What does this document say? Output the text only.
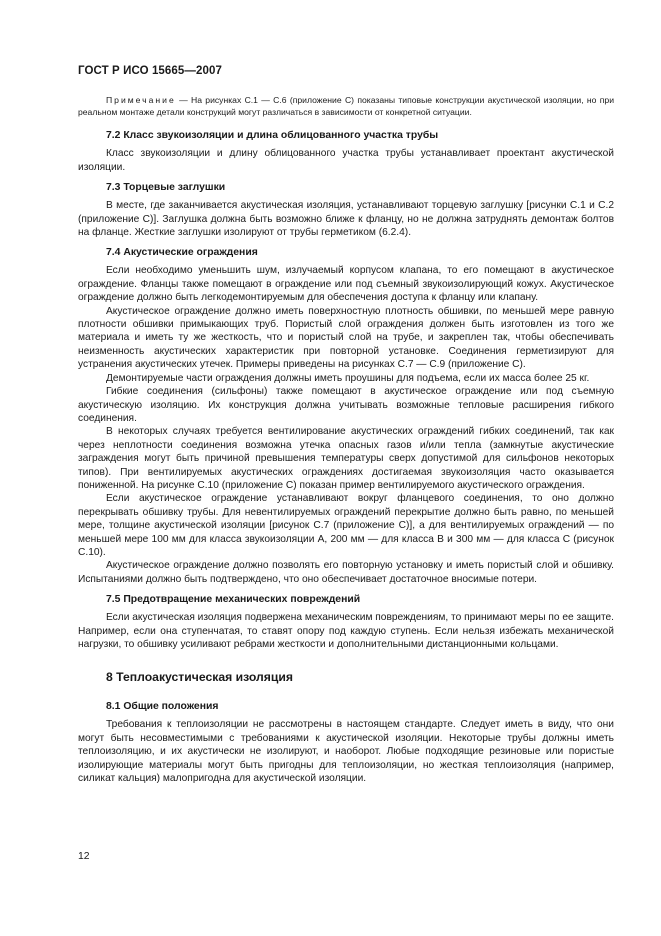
ГОСТ Р ИСО 15665—2007

Примечание — На рисунках С.1 — С.6 (приложение С) показаны типовые конструкции акустической изоляции, но при реальном монтаже детали конструкций могут различаться в зависимости от конкретной ситуации.

7.2 Класс звукоизоляции и длина облицованного участка трубы

Класс звукоизоляции и длину облицованного участка трубы устанавливает проектант акустической изоляции.

7.3 Торцевые заглушки

В месте, где заканчивается акустическая изоляция, устанавливают торцевую заглушку [рисунки С.1 и С.2 (приложение С)]. Заглушка должна быть возможно ближе к фланцу, но не должна затруднять демонтаж болтов на фланце. Жесткие заглушки изолируют от трубы герметиком (6.2.4).

7.4 Акустические ограждения

Если необходимо уменьшить шум, излучаемый корпусом клапана, то его помещают в акустическое ограждение. Фланцы также помещают в ограждение или под съемный звукоизолирующий кожух. Акустическое ограждение должно быть легкодемонтируемым для обеспечения доступа к фланцу или клапану.

Акустическое ограждение должно иметь поверхностную плотность обшивки, по меньшей мере равную плотности обшивки примыкающих труб. Пористый слой ограждения должен быть изготовлен из того же материала и иметь ту же жесткость, что и пористый слой на трубе, и закреплен так, чтобы обеспечивать неизменность акустических характеристик при повторной установке. Соединения герметизируют для устранения акустических утечек. Примеры приведены на рисунках С.7 — С.9 (приложение С).

Демонтируемые части ограждения должны иметь проушины для подъема, если их масса более 25 кг.

Гибкие соединения (сильфоны) также помещают в акустическое ограждение или под съемную акустическую изоляцию. Их конструкция должна учитывать возможные тепловые расширения гибкого соединения.

В некоторых случаях требуется вентилирование акустических ограждений гибких соединений, так как через неплотности соединения возможна утечка опасных газов и/или тепла (замкнутые акустические заграждения могут быть причиной превышения температуры сверх допустимой для сильфонов некоторых типов). При вентилируемых акустических ограждениях достигаемая звукоизоляция часто оказывается пониженной. На рисунке С.10 (приложение С) показан пример вентилируемого акустического ограждения.

Если акустическое ограждение устанавливают вокруг фланцевого соединения, то оно должно перекрывать обшивку трубы. Для невентилируемых ограждений перекрытие должно быть равно, по меньшей мере, толщине акустической изоляции [рисунок С.7 (приложение С)], а для вентилируемых ограждений — по меньшей мере 100 мм для класса звукоизоляции А, 200 мм — для класса В и 300 мм — для класса С (рисунок С.10).

Акустическое ограждение должно позволять его повторную установку и иметь пористый слой и обшивку. Испытаниями должно быть подтверждено, что оно обеспечивает достаточное вносимые потери.

7.5 Предотвращение механических повреждений

Если акустическая изоляция подвержена механическим повреждениям, то принимают меры по ее защите. Например, если она ступенчатая, то ставят опору под каждую ступень. Если нельзя избежать механической нагрузки, то обшивку усиливают ребрами жесткости и дополнительными дистанционными кольцами.

8 Теплоакустическая изоляция
8.1 Общие положения

Требования к теплоизоляции не рассмотрены в настоящем стандарте. Следует иметь в виду, что они могут быть несовместимыми с требованиями к акустической изоляции. Некоторые трубы должны иметь теплоизоляцию, и их акустически не изолируют, и наоборот. Любые подходящие резиновые или пористые изолирующие материалы могут быть пригодны для теплоизоляции, но жесткая теплоизоляция (например, силикат кальция) малопригодна для акустической изоляции.

12
